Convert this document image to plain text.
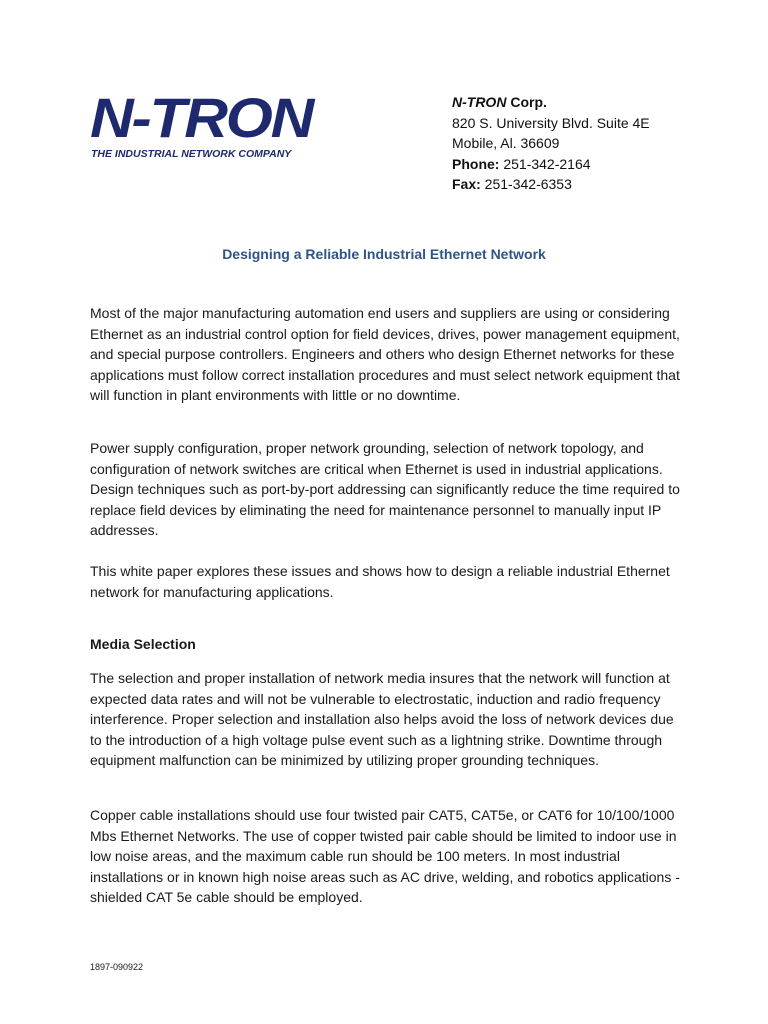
N-TRON
THE INDUSTRIAL NETWORK COMPANY
N-TRON Corp.
820 S. University Blvd. Suite 4E
Mobile, Al. 36609
Phone: 251-342-2164
Fax: 251-342-6353
Designing a Reliable Industrial Ethernet Network

Most of the major manufacturing automation end users and suppliers are using or considering Ethernet as an industrial control option for field devices, drives, power management equipment, and special purpose controllers. Engineers and others who design Ethernet networks for these applications must follow correct installation procedures and must select network equipment that will function in plant environments with little or no downtime.

Power supply configuration, proper network grounding, selection of network topology, and configuration of network switches are critical when Ethernet is used in industrial applications. Design techniques such as port-by-port addressing can significantly reduce the time required to replace field devices by eliminating the need for maintenance personnel to manually input IP addresses.

This white paper explores these issues and shows how to design a reliable industrial Ethernet network for manufacturing applications.

Media Selection

The selection and proper installation of network media insures that the network will function at expected data rates and will not be vulnerable to electrostatic, induction and radio frequency interference. Proper selection and installation also helps avoid the loss of network devices due to the introduction of a high voltage pulse event such as a lightning strike. Downtime through equipment malfunction can be minimized by utilizing proper grounding techniques.

Copper cable installations should use four twisted pair CAT5, CAT5e, or CAT6 for 10/100/1000 Mbs Ethernet Networks. The use of copper twisted pair cable should be limited to indoor use in low noise areas, and the maximum cable run should be 100 meters. In most industrial installations or in known high noise areas such as AC drive, welding, and robotics applications - shielded CAT 5e cable should be employed.

1897-090922
